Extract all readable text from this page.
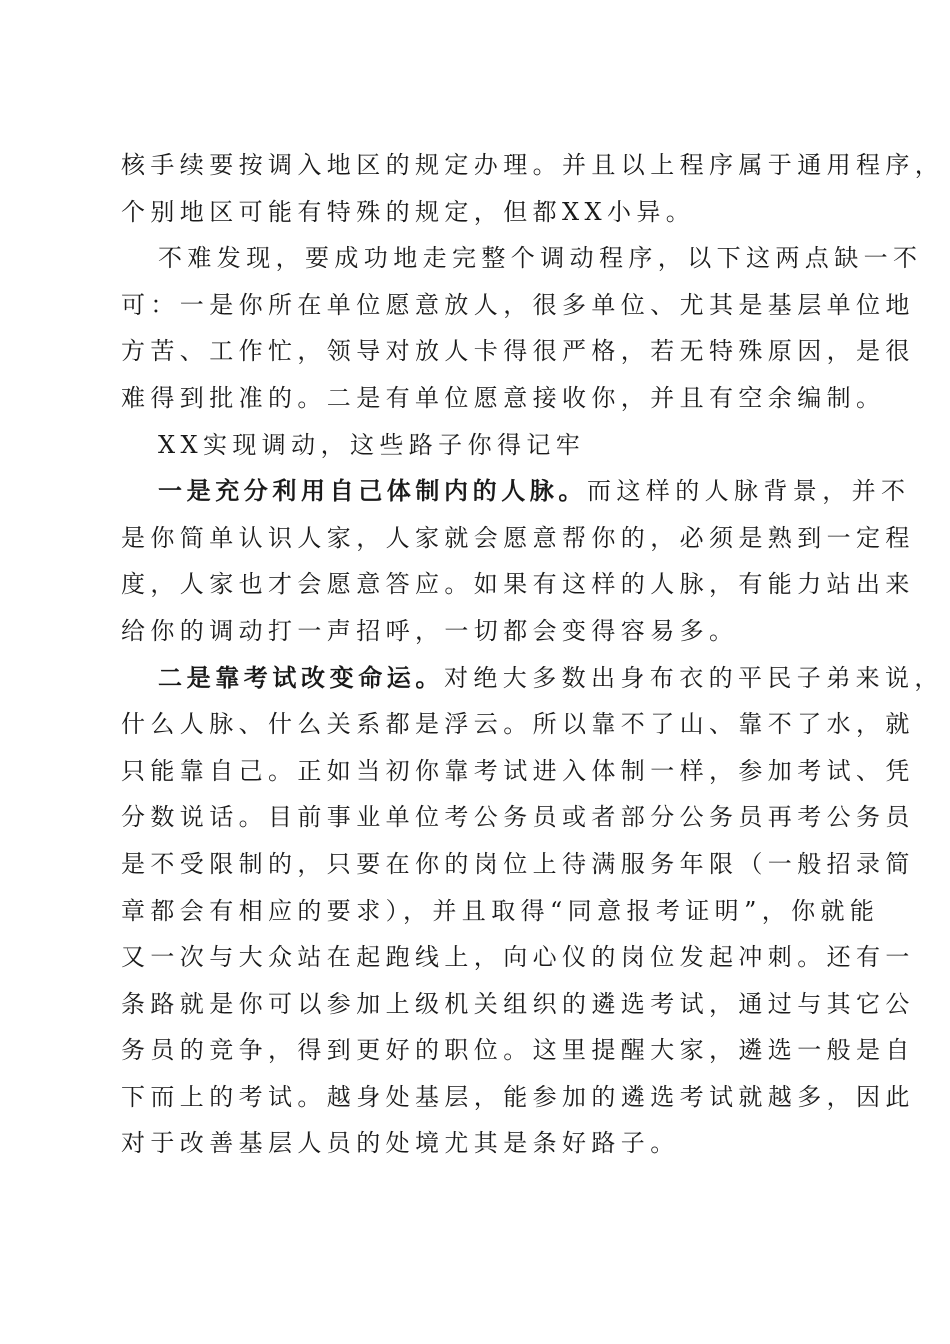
核手续要按调入地区的规定办理。并且以上程序属于通用程序，

个别地区可能有特殊的规定，但都XX小异。

不难发现，要成功地走完整个调动程序，以下这两点缺一不

可：一是你所在单位愿意放人，很多单位、尤其是基层单位地

方苦、工作忙，领导对放人卡得很严格，若无特殊原因，是很

难得到批准的。二是有单位愿意接收你，并且有空余编制。

XX实现调动，这些路子你得记牢

一是充分利用自己体制内的人脉。而这样的人脉背景，并不

是你简单认识人家，人家就会愿意帮你的，必须是熟到一定程

度，人家也才会愿意答应。如果有这样的人脉，有能力站出来

给你的调动打一声招呼，一切都会变得容易多。

二是靠考试改变命运。对绝大多数出身布衣的平民子弟来说，

什么人脉、什么关系都是浮云。所以靠不了山、靠不了水，就

只能靠自己。正如当初你靠考试进入体制一样，参加考试、凭

分数说话。目前事业单位考公务员或者部分公务员再考公务员

是不受限制的，只要在你的岗位上待满服务年限（一般招录简

章都会有相应的要求），并且取得“同意报考证明”，你就能

又一次与大众站在起跑线上，向心仪的岗位发起冲刺。还有一

条路就是你可以参加上级机关组织的遴选考试，通过与其它公

务员的竞争，得到更好的职位。这里提醒大家，遴选一般是自

下而上的考试。越身处基层，能参加的遴选考试就越多，因此

对于改善基层人员的处境尤其是条好路子。
